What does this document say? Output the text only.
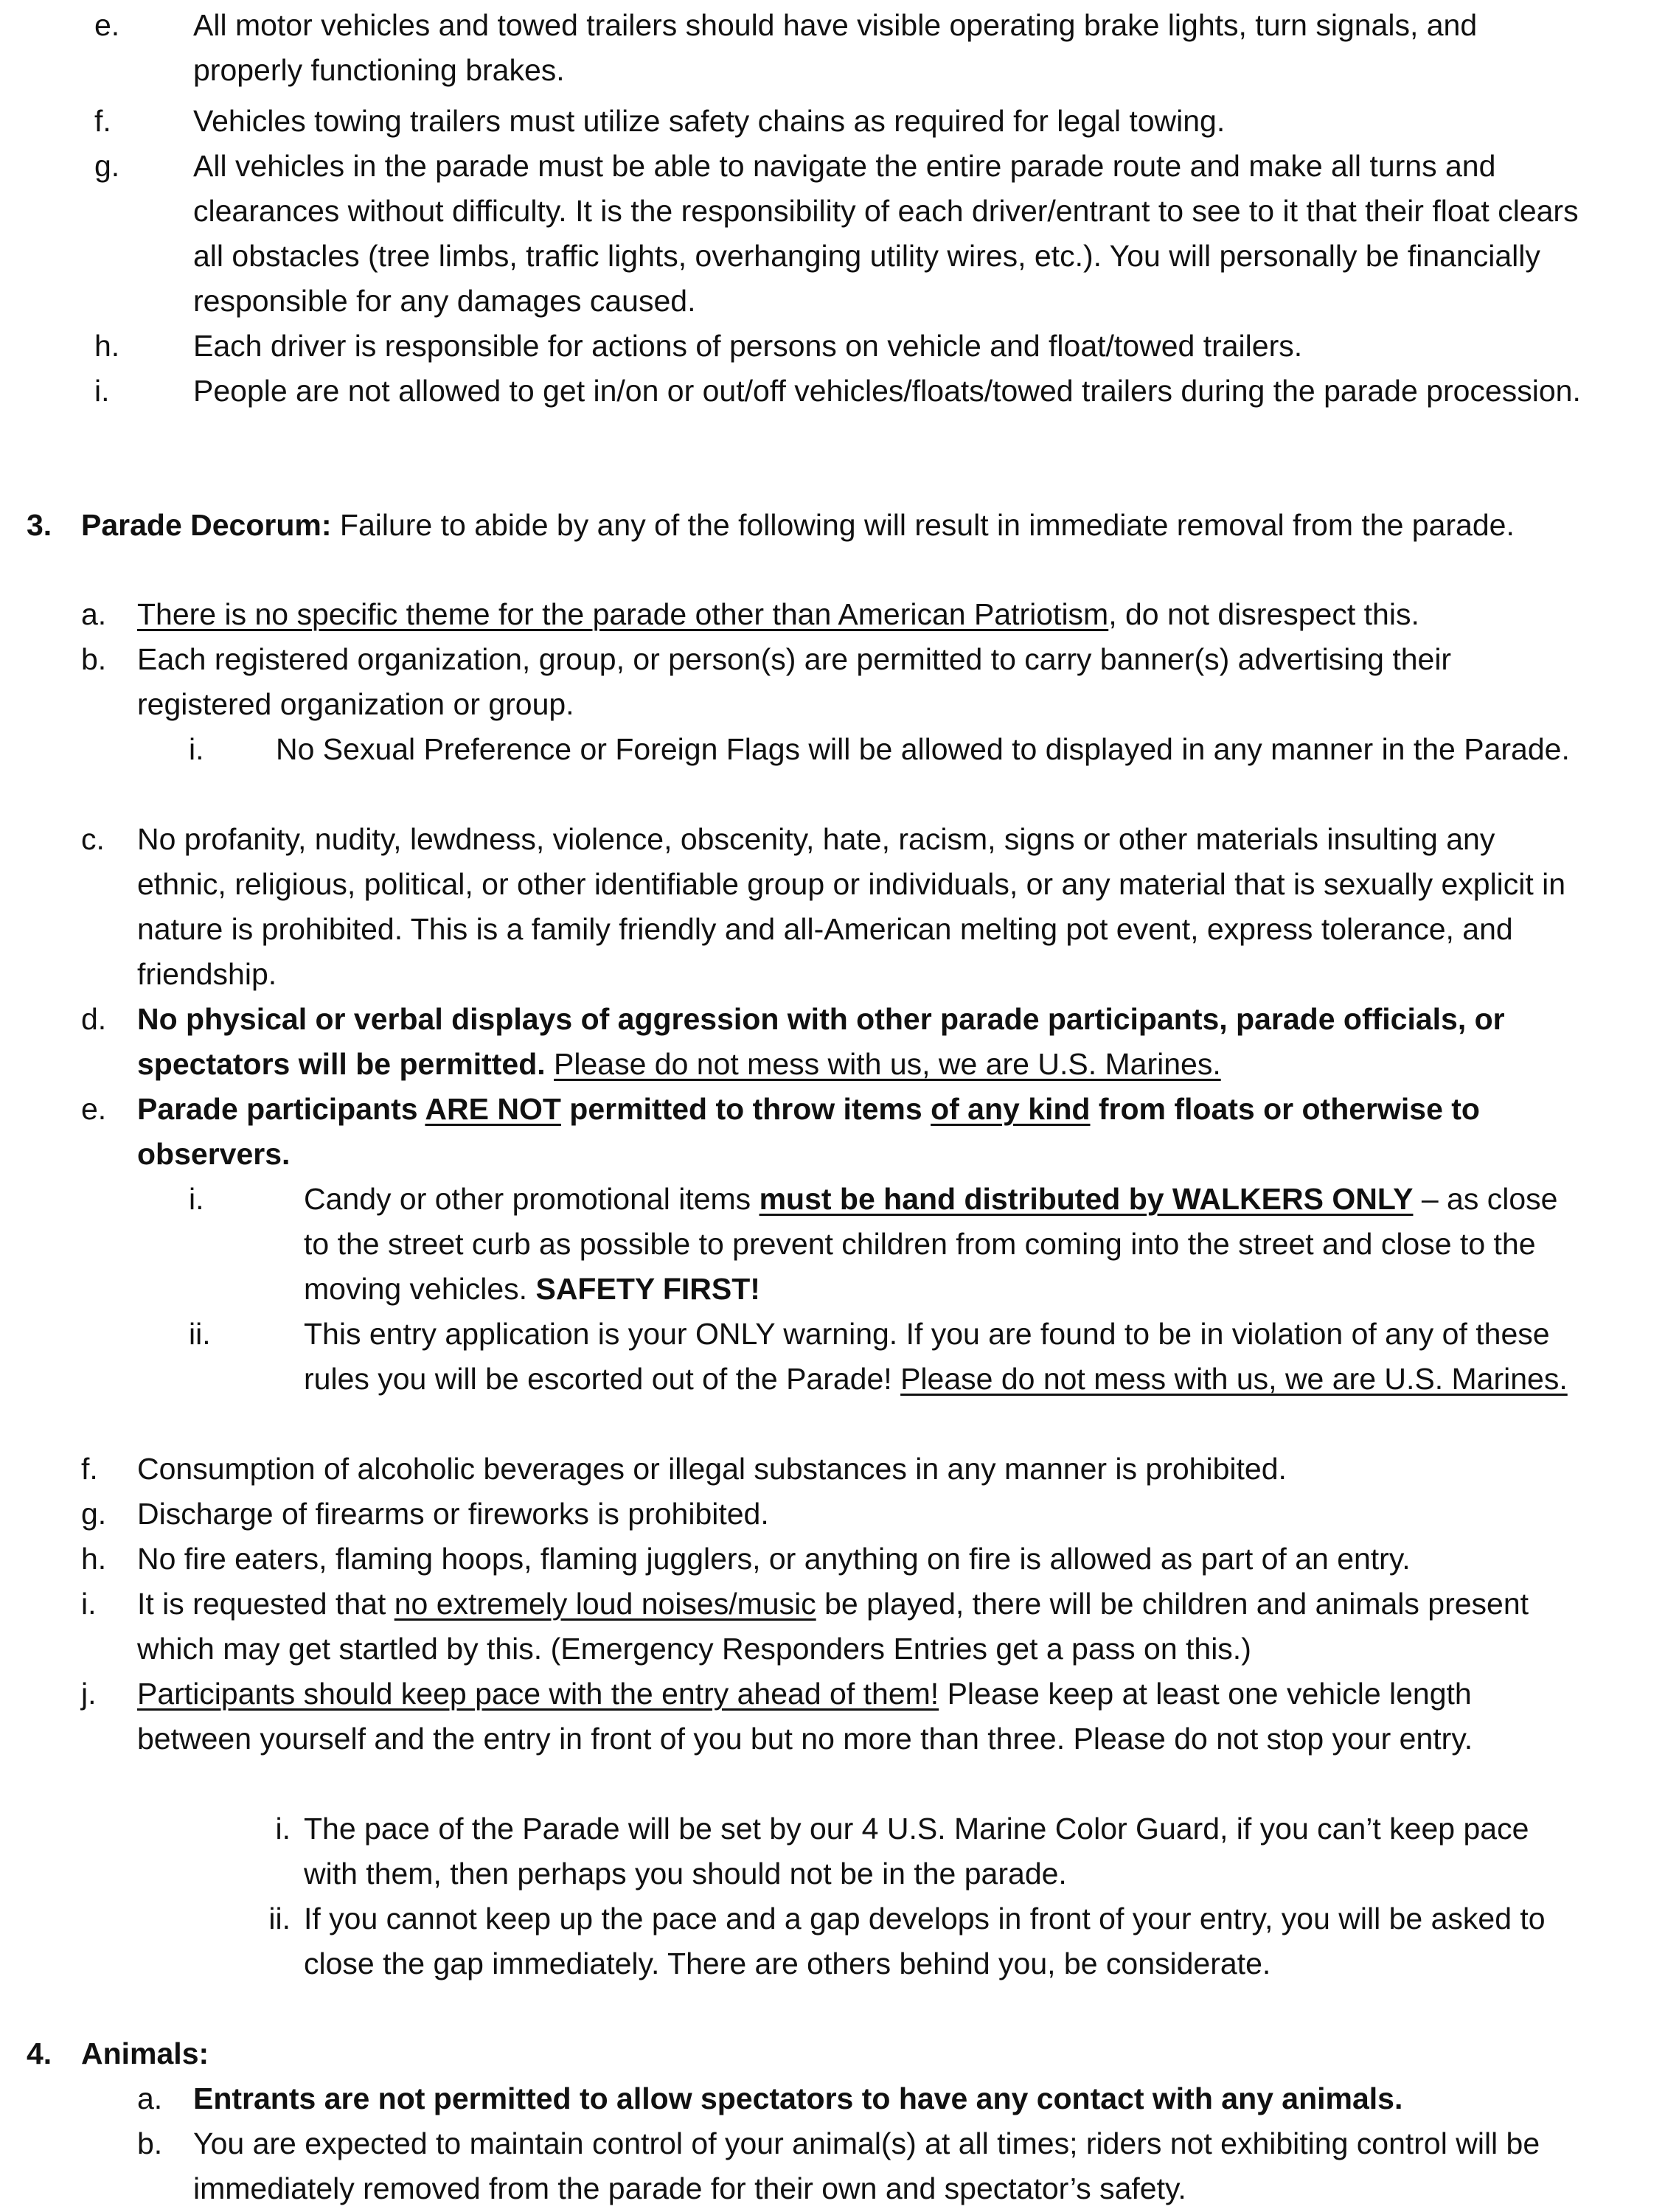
e. All motor vehicles and towed trailers should have visible operating brake lights, turn signals, and properly functioning brakes.
f.	Vehicles towing trailers must utilize safety chains as required for legal towing.
g. All vehicles in the parade must be able to navigate the entire parade route and make all turns and clearances without difficulty. It is the responsibility of each driver/entrant to see to it that their float clears all obstacles (tree limbs, traffic lights, overhanging utility wires, etc.). You will personally be financially responsible for any damages caused.
h. Each driver is responsible for actions of persons on vehicle and float/towed trailers.
i.	People are not allowed to get in/on or out/off vehicles/floats/towed trailers during the parade procession.
3. Parade Decorum: Failure to abide by any of the following will result in immediate removal from the parade.
a. There is no specific theme for the parade other than American Patriotism, do not disrespect this.
b. Each registered organization, group, or person(s) are permitted to carry banner(s) advertising their registered organization or group.
i. No Sexual Preference or Foreign Flags will be allowed to displayed in any manner in the Parade.
c. No profanity, nudity, lewdness, violence, obscenity, hate, racism, signs or other materials insulting any ethnic, religious, political, or other identifiable group or individuals, or any material that is sexually explicit in nature is prohibited. This is a family friendly and all-American melting pot event, express tolerance, and friendship.
d. No physical or verbal displays of aggression with other parade participants, parade officials, or spectators will be permitted. Please do not mess with us, we are U.S. Marines.
e. Parade participants ARE NOT permitted to throw items of any kind from floats or otherwise to observers.
i.	Candy or other promotional items must be hand distributed by WALKERS ONLY – as close to the street curb as possible to prevent children from coming into the street and close to the moving vehicles. SAFETY FIRST!
ii.	This entry application is your ONLY warning. If you are found to be in violation of any of these rules you will be escorted out of the Parade! Please do not mess with us, we are U.S. Marines.
f. Consumption of alcoholic beverages or illegal substances in any manner is prohibited.
g. Discharge of firearms or fireworks is prohibited.
h. No fire eaters, flaming hoops, flaming jugglers, or anything on fire is allowed as part of an entry.
i. It is requested that no extremely loud noises/music be played, there will be children and animals present which may get startled by this. (Emergency Responders Entries get a pass on this.)
j. Participants should keep pace with the entry ahead of them! Please keep at least one vehicle length between yourself and the entry in front of you but no more than three. Please do not stop your entry.
i. The pace of the Parade will be set by our 4 U.S. Marine Color Guard, if you can’t keep pace with them, then perhaps you should not be in the parade.
ii. If you cannot keep up the pace and a gap develops in front of your entry, you will be asked to close the gap immediately. There are others behind you, be considerate.
4. Animals:
a. Entrants are not permitted to allow spectators to have any contact with any animals.
b. You are expected to maintain control of your animal(s) at all times; riders not exhibiting control will be immediately removed from the parade for their own and spectator’s safety.
